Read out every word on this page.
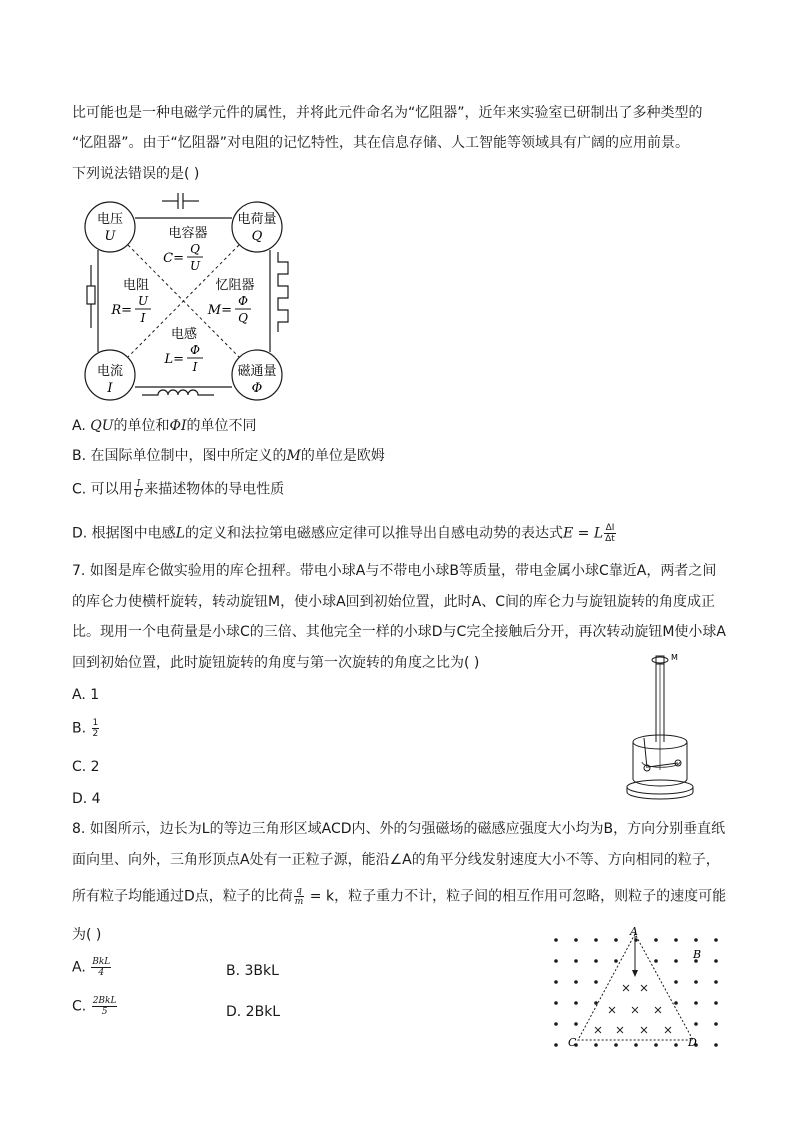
比可能也是一种电磁学元件的属性，并将此元件命名为“忆阻器”，近年来实验室已研制出了多种类型的
“忆阻器”。由于“忆阻器”对电阻的记忆特性，其在信息存储、人工智能等领域具有广阔的应用前景。
下列说法错误的是( )
电压
U
电荷量
Q
电流
I
磁通量
Φ
电容器
C=
Q
U
电阻
R=
U
I
忆阻器
M=
Φ
Q
电感
L=
Φ
I
A. QU的单位和ΦI的单位不同
B. 在国际单位制中，图中所定义的M的单位是欧姆
C. 可以用 $\frac{I}{U}$ 来描述物体的导电性质
D. 根据图中电感L的定义和法拉第电磁感应定律可以推导出自感电动势的表达式E = L $\frac{\Delta I}{\Delta t}$
7. 如图是库仑做实验用的库仑扭秤。带电小球A与不带电小球B等质量，带电金属小球C靠近A，两者之间
的库仑力使横杆旋转，转动旋钮M，使小球A回到初始位置，此时A、C间的库仑力与旋钮旋转的角度成正
比。现用一个电荷量是小球C的三倍、其他完全一样的小球D与C完全接触后分开，再次转动旋钮M使小球A
回到初始位置，此时旋钮旋转的角度与第一次旋转的角度之比为( )
A. 1
B. $\frac{1}{2}$
C. 2
D. 4
M
8. 如图所示，边长为L的等边三角形区域ACD内、外的匀强磁场的磁感应强度大小均为B，方向分别垂直纸
面向里、向外，三角形顶点A处有一正粒子源，能沿∠A的角平分线发射速度大小不等、方向相同的粒子，
所有粒子均能通过D点，粒子的比荷 $\frac{q}{m} = k$，粒子重力不计，粒子间的相互作用可忽略，则粒子的速度可能
为( )
A. $\frac{\text{BkL}}{4}$	B. 3BkL
C. $\frac{\text{2BkL}}{5}$	D. 2BkL
A
B
C	D
